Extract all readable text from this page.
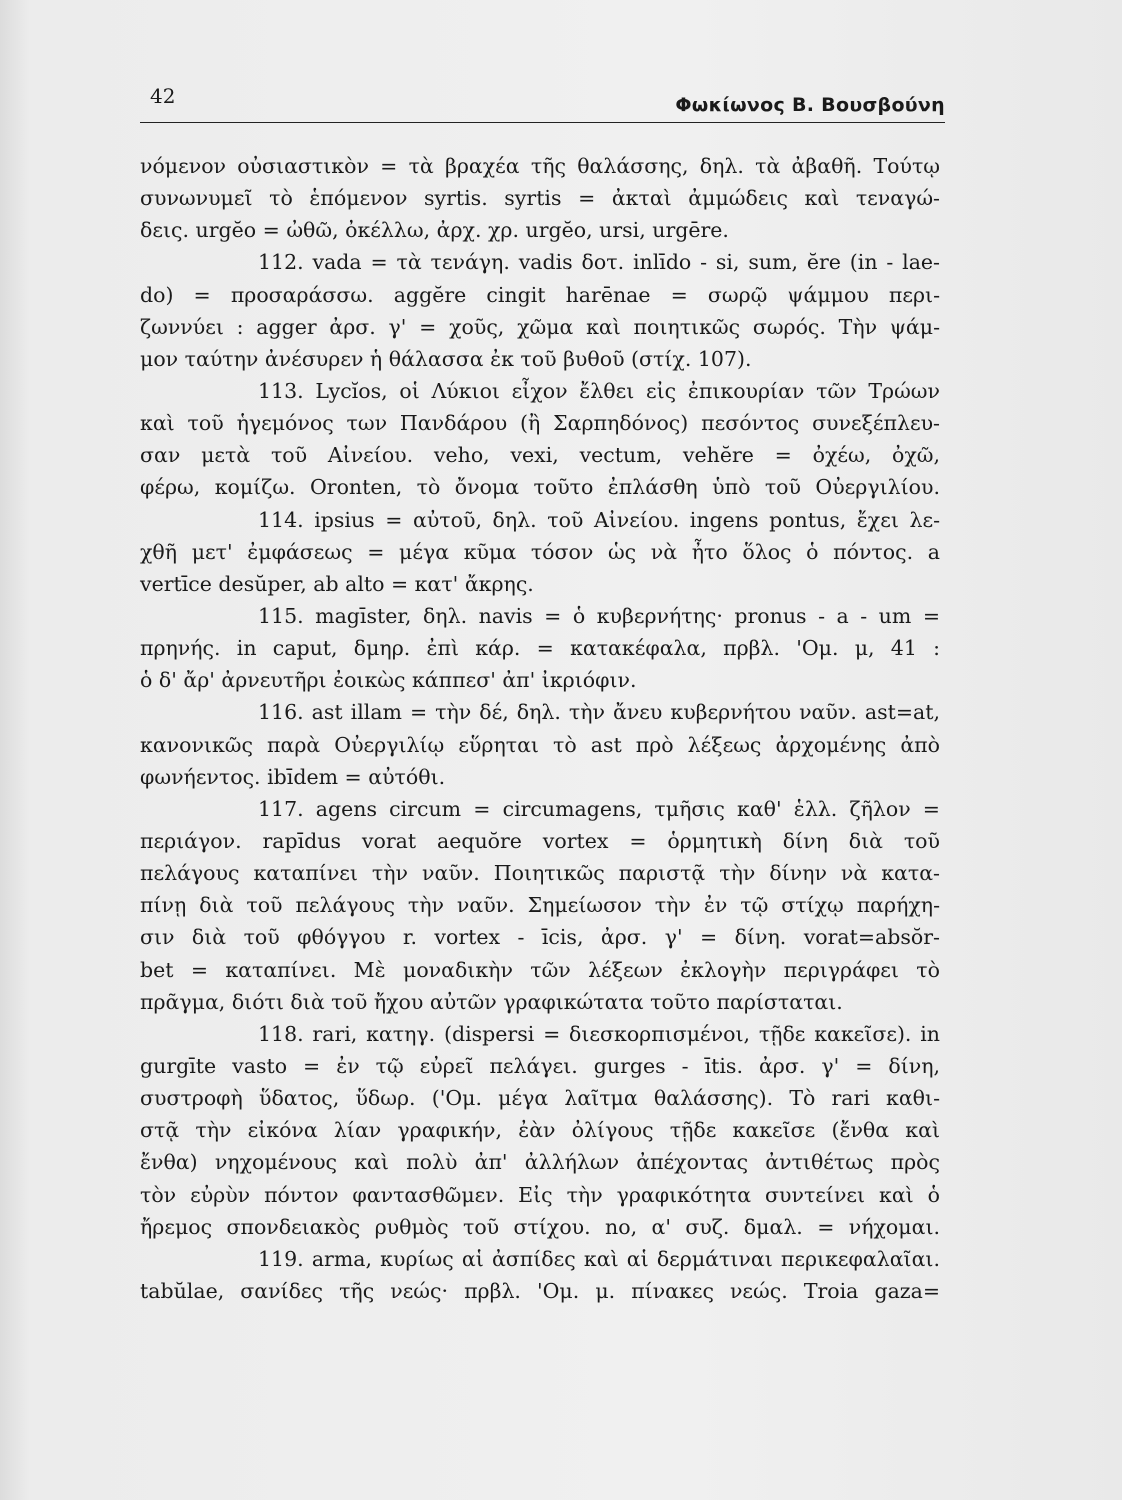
42	Φωκίωνος Β. Βουσβούνη
νόμενον οὐσιαστικὸν = τὰ βραχέα τῆς θαλάσσης, δηλ. τὰ ἀβαθῆ. Τούτῳ
συνωνυμεῖ τὸ ἑπόμενον syrtis. syrtis = ἀκταὶ ἀμμώδεις καὶ τεναγώ-
δεις. urgĕo = ὠθῶ, ὀκέλλω, ἀρχ. χρ. urgĕo, ursi, urgēre.
112. vada = τὰ τενάγη. vadis δοτ. inlīdo - si, sum, ĕre (in - lae-
do) = προσαράσσω. aggĕre cingit harēnae = σωρῷ ψάμμου περι-
ζωννύει : agger ἀρσ. γ' = χοῦς, χῶμα καὶ ποιητικῶς σωρός. Τὴν ψάμ-
μον ταύτην ἀνέσυρεν ἡ θάλασσα ἐκ τοῦ βυθοῦ (στίχ. 107).
113. Lycĭos, οἱ Λύκιοι εἶχον ἔλθει εἰς ἐπικουρίαν τῶν Τρώων
καὶ τοῦ ἡγεμόνος των Πανδάρου (ἢ Σαρπηδόνος) πεσόντος συνεξέπλευ-
σαν μετὰ τοῦ Αἰνείου. veho, vexi, vectum, vehĕre = ὀχέω, ὀχῶ,
φέρω, κομίζω. Oronten, τὸ ὄνομα τοῦτο ἐπλάσθη ὑπὸ τοῦ Οὐεργιλίου.
114. ipsius = αὐτοῦ, δηλ. τοῦ Αἰνείου. ingens pontus, ἔχει λε-
χθῆ μετ' ἐμφάσεως = μέγα κῦμα τόσον ὡς νὰ ἦτο ὅλος ὁ πόντος. a
vertīce desŭper, ab alto = κατ' ἄκρης.
115. magīster, δηλ. navis = ὁ κυβερνήτης· pronus - a - um =
πρηνής. in caput, δμηρ. ἐπὶ κάρ. = κατακέφαλα, πρβλ. 'Ομ. μ, 41 :
ὁ δ' ἄρ' ἀρνευτῆρι ἐοικὼς κάππεσ' ἀπ' ἰκριόφιν.
116. ast illam = τὴν δέ, δηλ. τὴν ἄνευ κυβερνήτου ναῦν. ast=at,
κανονικῶς παρὰ Οὐεργιλίῳ εὕρηται τὸ ast πρὸ λέξεως ἀρχομένης ἀπὸ
φωνήεντος. ibīdem = αὐτόθι.
117. agens circum = circumagens, τμῆσις καθ' ἑλλ. ζῆλον =
περιάγον. rapīdus vorat aequŏre vortex = ὁρμητικὴ δίνη διὰ τοῦ
πελάγους καταπίνει τὴν ναῦν. Ποιητικῶς παριστᾷ τὴν δίνην νὰ κατα-
πίνῃ διὰ τοῦ πελάγους τὴν ναῦν. Σημείωσον τὴν ἐν τῷ στίχῳ παρήχη-
σιν διὰ τοῦ φθόγγου r. vortex - īcis, ἀρσ. γ' = δίνη. vorat=absŏr-
bet = καταπίνει. Μὲ μοναδικὴν τῶν λέξεων ἐκλογὴν περιγράφει τὸ
πρᾶγμα, διότι διὰ τοῦ ἤχου αὐτῶν γραφικώτατα τοῦτο παρίσταται.
118. rari, κατηγ. (dispersi = διεσκορπισμένοι, τῇδε κακεῖσε). in
gurgīte vasto = ἐν τῷ εὐρεῖ πελάγει. gurges - ītis. ἀρσ. γ' = δίνη,
συστροφὴ ὕδατος, ὕδωρ. ('Ομ. μέγα λαῖτμα θαλάσσης). Τὸ rari καθι-
στᾷ τὴν εἰκόνα λίαν γραφικήν, ἐὰν ὀλίγους τῇδε κακεῖσε (ἔνθα καὶ
ἔνθα) νηχομένους καὶ πολὺ ἀπ' ἀλλήλων ἀπέχοντας ἀντιθέτως πρὸς
τὸν εὐρὺν πόντον φαντασθῶμεν. Εἰς τὴν γραφικότητα συντείνει καὶ ὁ
ἤρεμος σπονδειακὸς ρυθμὸς τοῦ στίχου. no, α' συζ. δμαλ. = νήχομαι.
119. arma, κυρίως αἱ ἀσπίδες καὶ αἱ δερμάτιναι περικεφαλαῖαι.
tabŭlae, σανίδες τῆς νεώς· πρβλ. 'Ομ. μ. πίνακες νεώς. Troia gaza=
